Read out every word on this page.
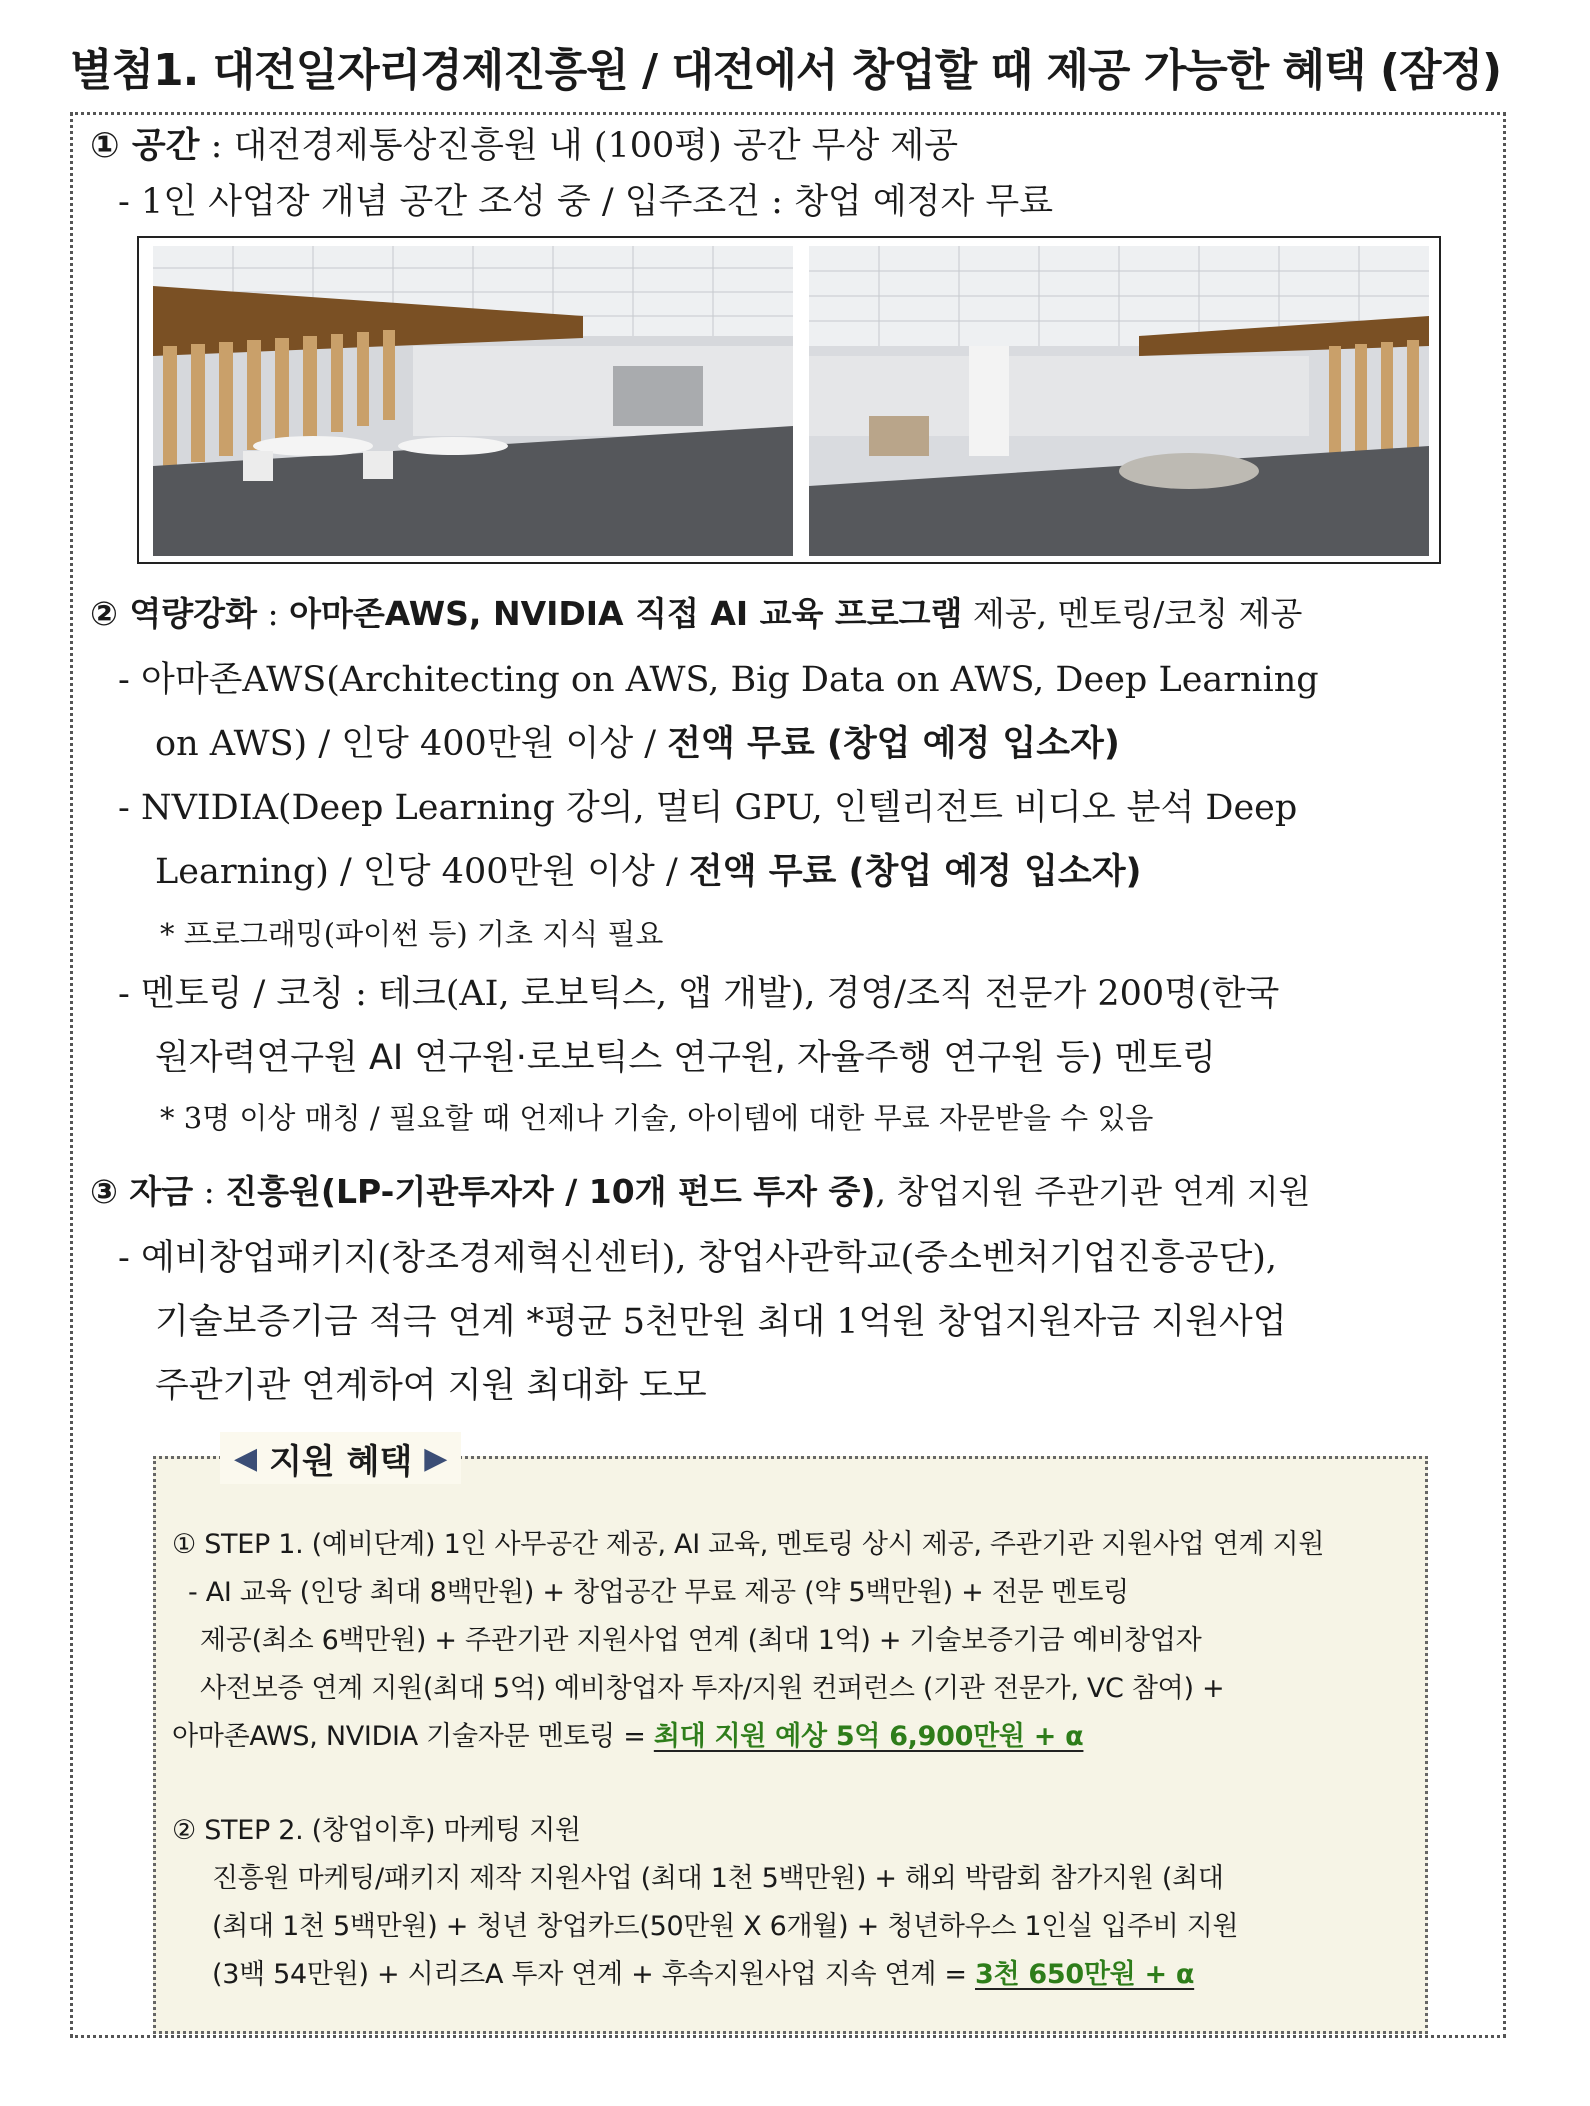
별첨1. 대전일자리경제진흥원 / 대전에서 창업할 때 제공 가능한 혜택 (잠정)
① 공간 : 대전경제통상진흥원 내 (100평) 공간 무상 제공
- 1인 사업장 개념 공간 조성 중 / 입주조건 : 창업 예정자 무료
② 역량강화 : 아마존AWS, NVIDIA 직접 AI 교육 프로그램 제공, 멘토링/코칭 제공
- 아마존AWS(Architecting on AWS, Big Data on AWS, Deep Learning
on AWS) / 인당 400만원 이상 / 전액 무료 (창업 예정 입소자)
- NVIDIA(Deep Learning 강의, 멀티 GPU, 인텔리전트 비디오 분석 Deep
Learning) / 인당 400만원 이상 / 전액 무료 (창업 예정 입소자)
* 프로그래밍(파이썬 등) 기초 지식 필요
- 멘토링 / 코칭 : 테크(AI, 로보틱스, 앱 개발), 경영/조직 전문가 200명(한국
원자력연구원 AI 연구원·로보틱스 연구원, 자율주행 연구원 등) 멘토링
* 3명 이상 매칭 / 필요할 때 언제나 기술, 아이템에 대한 무료 자문받을 수 있음
③ 자금 : 진흥원(LP-기관투자자 / 10개 펀드 투자 중), 창업지원 주관기관 연계 지원
- 예비창업패키지(창조경제혁신센터), 창업사관학교(중소벤처기업진흥공단),
기술보증기금 적극 연계 *평균 5천만원 최대 1억원 창업지원자금 지원사업
주관기관 연계하여 지원 최대화 도모
◀ 지원 혜택 ▶
① STEP 1. (예비단계) 1인 사무공간 제공, AI 교육, 멘토링 상시 제공, 주관기관 지원사업 연계 지원
- AI 교육 (인당 최대 8백만원) + 창업공간 무료 제공 (약 5백만원) + 전문 멘토링
제공(최소 6백만원) + 주관기관 지원사업 연계 (최대 1억) + 기술보증기금 예비창업자
사전보증 연계 지원(최대 5억) 예비창업자 투자/지원 컨퍼런스 (기관 전문가, VC 참여) +
아마존AWS, NVIDIA 기술자문 멘토링 = 최대 지원 예상 5억 6,900만원 + α
② STEP 2. (창업이후) 마케팅 지원
진흥원 마케팅/패키지 제작 지원사업 (최대 1천 5백만원) + 해외 박람회 참가지원 (최대
(최대 1천 5백만원) + 청년 창업카드(50만원 X 6개월) + 청년하우스 1인실 입주비 지원
(3백 54만원) + 시리즈A 투자 연계 + 후속지원사업 지속 연계 = 3천 650만원 + α
